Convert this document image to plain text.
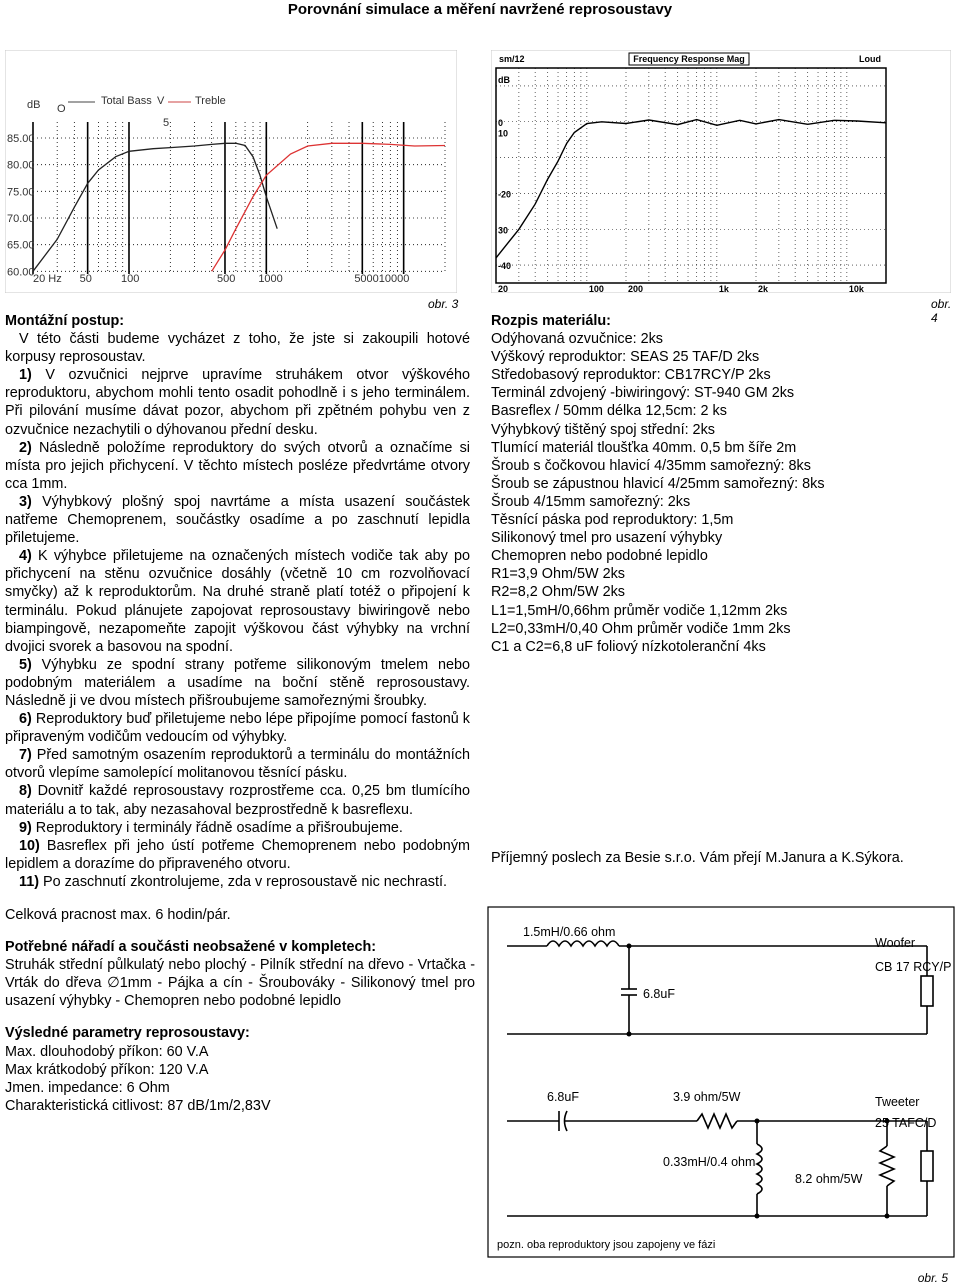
Porovnání simulace a měření navržené reprosoustavy
85.00
80.00
75.00
70.00
65.00
60.00
20 Hz 50	100	500 1000	500010000
dB O
Total Bass V	Treble
5
obr. 3
Frequency Response Mag
sm/12	Loud
dB
0
10
-20
30
-40
20	100	200	1k	2k	10k
obr. 4

Montážní postup:

V této části budeme vycházet z toho, že jste si zakoupili hotové korpusy reprosoustav.

1) V ozvučnici nejprve upravíme struhákem otvor výškového reproduktoru, abychom mohli tento osadit pohodlně i s jeho terminálem. Při pilování musíme dávat pozor, abychom při zpětném pohybu ven z ozvučnice nezachytili o dýhovanou přední desku.

2) Následně položíme reproduktory do svých otvorů a označíme si místa pro jejich přichycení. V těchto místech posléze předvrtáme otvory cca 1mm.

3) Výhybkový plošný spoj navrtáme a místa usazení součástek natřeme Chemoprenem, součástky osadíme a po zaschnutí lepidla přiletujeme.

4) K výhybce přiletujeme na označených místech vodiče tak aby po přichycení na stěnu ozvučnice dosáhly (včetně 10 cm rozvolňovací smyčky) až k reproduktorům. Na druhé straně platí totéž o připojení k terminálu. Pokud plánujete zapojovat reprosoustavy biwiringově nebo biampingově, nezapomeňte zapojit výškovou část výhybky na vrchní dvojici svorek a basovou na spodní.

5) Výhybku ze spodní strany potřeme silikonovým tmelem nebo podobným materiálem a usadíme na boční stěně reprosoustavy. Následně ji ve dvou místech přišroubujeme samořeznými šroubky.

6) Reproduktory buď přiletujeme nebo lépe připojíme pomocí fastonů k připraveným vodičům vedoucím od výhybky.

7) Před samotným osazením reproduktorů a terminálu do montážních otvorů vlepíme samolepící molitanovou těsnící pásku.

8) Dovnitř každé reprosoustavy rozprostřeme cca. 0,25 bm tlumícího materiálu a to tak, aby nezasahoval bezprostředně k basreflexu.

9) Reproduktory i terminály řádně osadíme a přišroubujeme.

10) Basreflex při jeho ústí potřeme Chemoprenem nebo podobným lepidlem a dorazíme do připraveného otvoru.

11) Po zaschnutí zkontrolujeme, zda v reprosoustavě nic nechrastí.

Celková pracnost max. 6 hodin/pár.

Potřebné nářadí a součásti neobsažené v kompletech:

Struhák střední půlkulatý nebo plochý - Pilník střední na dřevo - Vrtačka - Vrták do dřeva ∅1mm - Pájka a cín - Šroubováky - Silikonový tmel pro usazení výhybky - Chemopren nebo podobné lepidlo

Výsledné parametry reprosoustavy:

Max. dlouhodobý příkon: 60 V.A

Max krátkodobý příkon: 120 V.A

Jmen. impedance: 6 Ohm

Charakteristická citlivost: 87 dB/1m/2,83V

Rozpis materiálu:

Odýhovaná ozvučnice: 2ks

Výškový reproduktor: SEAS 25 TAF/D 2ks

Středobasový reproduktor: CB17RCY/P 2ks

Terminál zdvojený -biwiringový: ST-940 GM 2ks

Basreflex / 50mm délka 12,5cm: 2 ks

Výhybkový tištěný spoj střední: 2ks

Tlumící materiál tloušťka 40mm. 0,5 bm šíře 2m

Šroub s čočkovou hlavicí 4/35mm samořezný: 8ks

Šroub se zápustnou hlavicí 4/25mm samořezný: 8ks

Šroub 4/15mm samořezný: 2ks

Těsnící páska pod reproduktory: 1,5m

Silikonový tmel pro usazení výhybky

Chemopren nebo podobné lepidlo

R1=3,9 Ohm/5W 2ks

R2=8,2 Ohm/5W 2ks

L1=1,5mH/0,66hm průměr vodiče 1,12mm 2ks

L2=0,33mH/0,40 Ohm průměr vodiče 1mm 2ks

C1 a C2=6,8 uF foliový nízkotoleranční 4ks

Příjemný poslech za Besie s.r.o. Vám přejí M.Janura a K.Sýkora.
1.5mH/0.66 ohm
6.8uF
Woofer
CB 17 RCY/P
6.8uF	3.9 ohm/5W	Tweeter
25 TAFC/D
0.33mH/0.4 ohm
8.2 ohm/5W
pozn. oba reproduktory jsou zapojeny ve fázi
obr. 5
